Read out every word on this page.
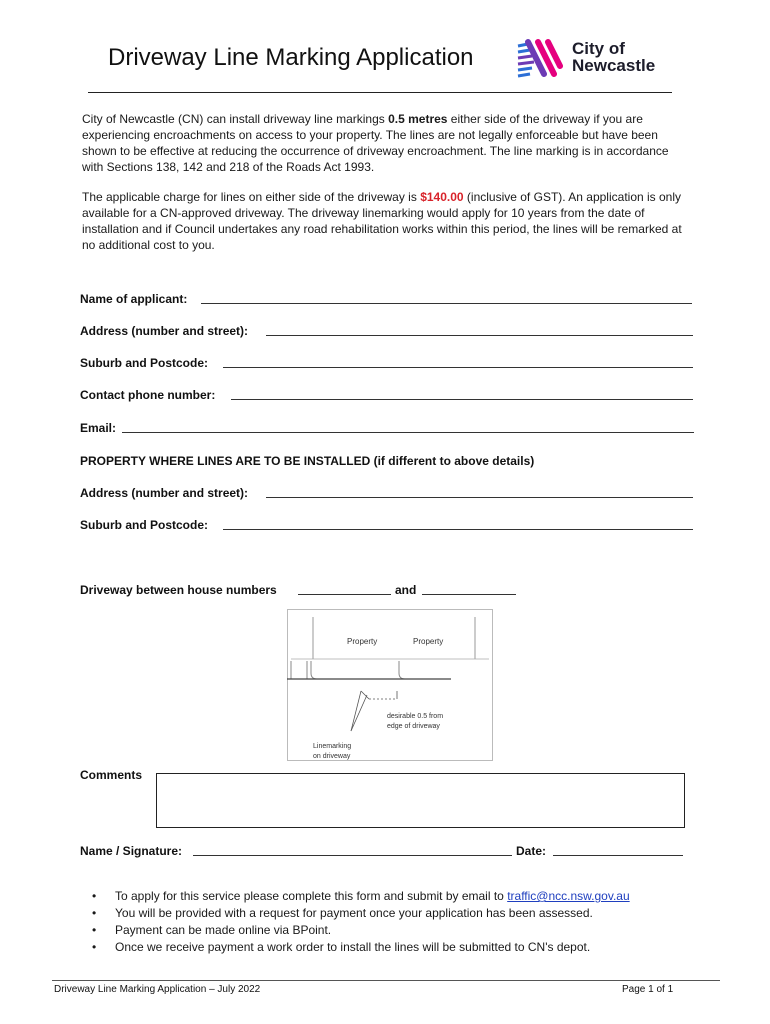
Driveway Line Marking Application	City of
Newcastle
City of Newcastle (CN) can install driveway line markings 0.5 metres either side of the driveway if you are experiencing encroachments on access to your property. The lines are not legally enforceable but have been shown to be effective at reducing the occurrence of driveway encroachment. The line marking is in accordance with Sections 138, 142 and 218 of the Roads Act 1993.
The applicable charge for lines on either side of the driveway is $140.00 (inclusive of GST). An application is only available for a CN-approved driveway. The driveway linemarking would apply for 10 years from the date of installation and if Council undertakes any road rehabilitation works within this period, the lines will be remarked at no additional cost to you.
Name of applicant:
Address (number and street):
Suburb and Postcode:
Contact phone number:
Email:
PROPERTY WHERE LINES ARE TO BE INSTALLED (if different to above details)
Address (number and street):
Suburb and Postcode:
Driveway between house numbers	and
Property	Property
desirable 0.5 from
edge of driveway
Linemarking
on driveway
Comments
Name / Signature:	Date:
• To apply for this service please complete this form and submit by email to traffic@ncc.nsw.gov.au
• You will be provided with a request for payment once your application has been assessed.
• Payment can be made online via BPoint.
• Once we receive payment a work order to install the lines will be submitted to CN's depot.
Driveway Line Marking Application – July 2022	Page 1 of 1
